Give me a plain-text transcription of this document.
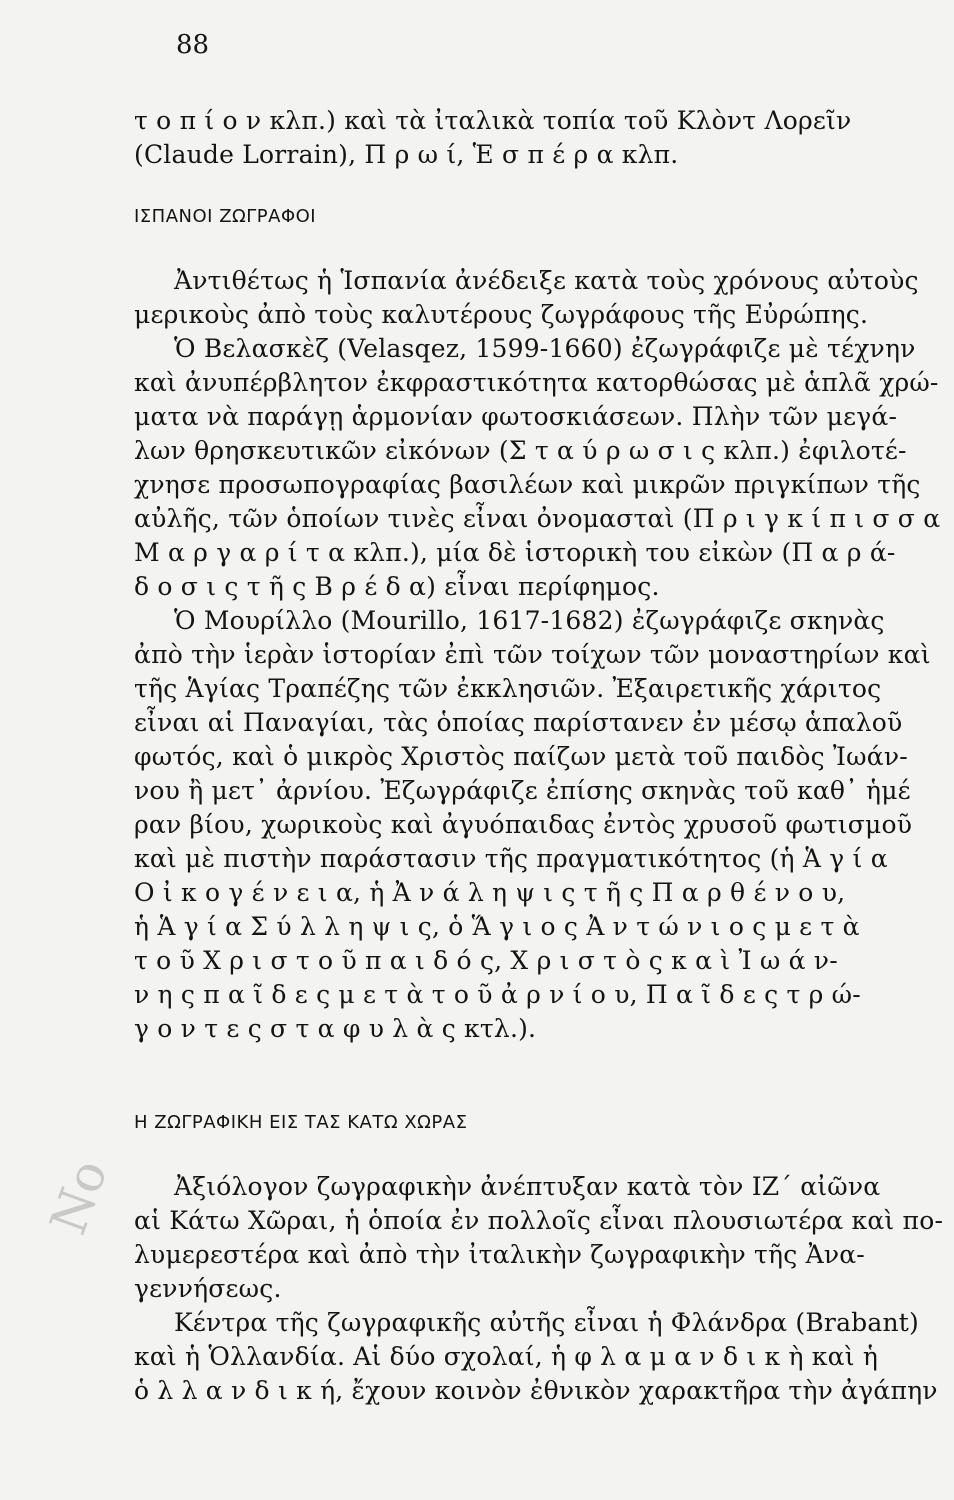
88

τ ο π ί ο ν κλπ.) καὶ τὰ ἰταλικὰ τοπία τοῦ Κλὸντ Λορεῖν

(Claude Lorrain), Π ρ ω ί, Ἑ σ π έ ρ α κλπ.

ΙΣΠΑΝΟΙ ΖΩΓΡΑΦΟΙ

Ἀντιθέτως ἡ Ἱσπανία ἀνέδειξε κατὰ τοὺς χρόνους αὐτοὺς

μερικοὺς ἀπὸ τοὺς καλυτέρους ζωγράφους τῆς Εὐρώπης.

Ὁ Βελασκὲζ (Velasqez, 1599-1660) ἐζωγράφιζε μὲ τέχνην

καὶ ἀνυπέρβλητον ἐκφραστικότητα κατορθώσας μὲ ἁπλᾶ χρώ-

ματα νὰ παράγῃ ἁρμονίαν φωτοσκιάσεων. Πλὴν τῶν μεγά-

λων θρησκευτικῶν εἰκόνων (Σ τ α ύ ρ ω σ ι ς κλπ.) ἐφιλοτέ-

χνησε προσωπογραφίας βασιλέων καὶ μικρῶν πριγκίπων τῆς

αὐλῆς, τῶν ὁποίων τινὲς εἶναι ὀνομασταὶ (Π ρ ι γ κ ί π ι σ σ α

Μ α ρ γ α ρ ί τ α κλπ.), μία δὲ ἱστορικὴ του εἰκὼν (Π α ρ ά-

δ ο σ ι ς τ ῆ ς Β ρ έ δ α) εἶναι περίφημος.

Ὁ Μουρίλλο (Mourillo, 1617-1682) ἐζωγράφιζε σκηνὰς

ἀπὸ τὴν ἱερὰν ἱστορίαν ἐπὶ τῶν τοίχων τῶν μοναστηρίων καὶ

τῆς Ἁγίας Τραπέζης τῶν ἐκκλησιῶν. Ἐξαιρετικῆς χάριτος

εἶναι αἱ Παναγίαι, τὰς ὁποίας παρίστανεν ἐν μέσῳ ἁπαλοῦ

φωτός, καὶ ὁ μικρὸς Χριστὸς παίζων μετὰ τοῦ παιδὸς Ἰωάν-

νου ἢ μετ᾽ ἀρνίου. Ἐζωγράφιζε ἐπίσης σκηνὰς τοῦ καθ᾽ ἡμέ

ραν βίου, χωρικοὺς καὶ ἀγυόπαιδας ἐντὸς χρυσοῦ φωτισμοῦ

καὶ μὲ πιστὴν παράστασιν τῆς πραγματικότητος (ἡ Ἁ γ ί α

Ο ἰ κ ο γ έ ν ε ι α, ἡ Ἀ ν ά λ η ψ ι ς τ ῆ ς Π α ρ θ έ ν ο υ,

ἡ Ἁ γ ί α Σ ύ λ λ η ψ ι ς, ὁ Ἅ γ ι ο ς Ἀ ν τ ώ ν ι ο ς μ ε τ ὰ

τ ο ῦ Χ ρ ι σ τ ο ῦ π α ι δ ό ς, Χ ρ ι σ τ ὸ ς κ α ὶ Ἰ ω ά ν-

ν η ς π α ῖ δ ε ς μ ε τ ὰ τ ο ῦ ἀ ρ ν ί ο υ, Π α ῖ δ ε ς τ ρ ώ-

γ ο ν τ ε ς σ τ α φ υ λ ὰ ς κτλ.).

Η ΖΩΓΡΑΦΙΚΗ ΕΙΣ ΤΑΣ ΚΑΤΩ ΧΩΡΑΣ

Ἀξιόλογον ζωγραφικὴν ἀνέπτυξαν κατὰ τὸν ΙΖ΄ αἰῶνα

αἱ Κάτω Χῶραι, ἡ ὁποία ἐν πολλοῖς εἶναι πλουσιωτέρα καὶ πο-

λυμερεστέρα καὶ ἀπὸ τὴν ἰταλικὴν ζωγραφικὴν τῆς Ἀνα-

γεννήσεως.

Κέντρα τῆς ζωγραφικῆς αὐτῆς εἶναι ἡ Φλάνδρα (Brabant)

καὶ ἡ Ὁλλανδία. Αἱ δύο σχολαί, ἡ φ λ α μ α ν δ ι κ ὴ καὶ ἡ

ὁ λ λ α ν δ ι κ ή, ἔχουν κοινὸν ἐθνικὸν χαρακτῆρα τὴν ἀγάπην

No
